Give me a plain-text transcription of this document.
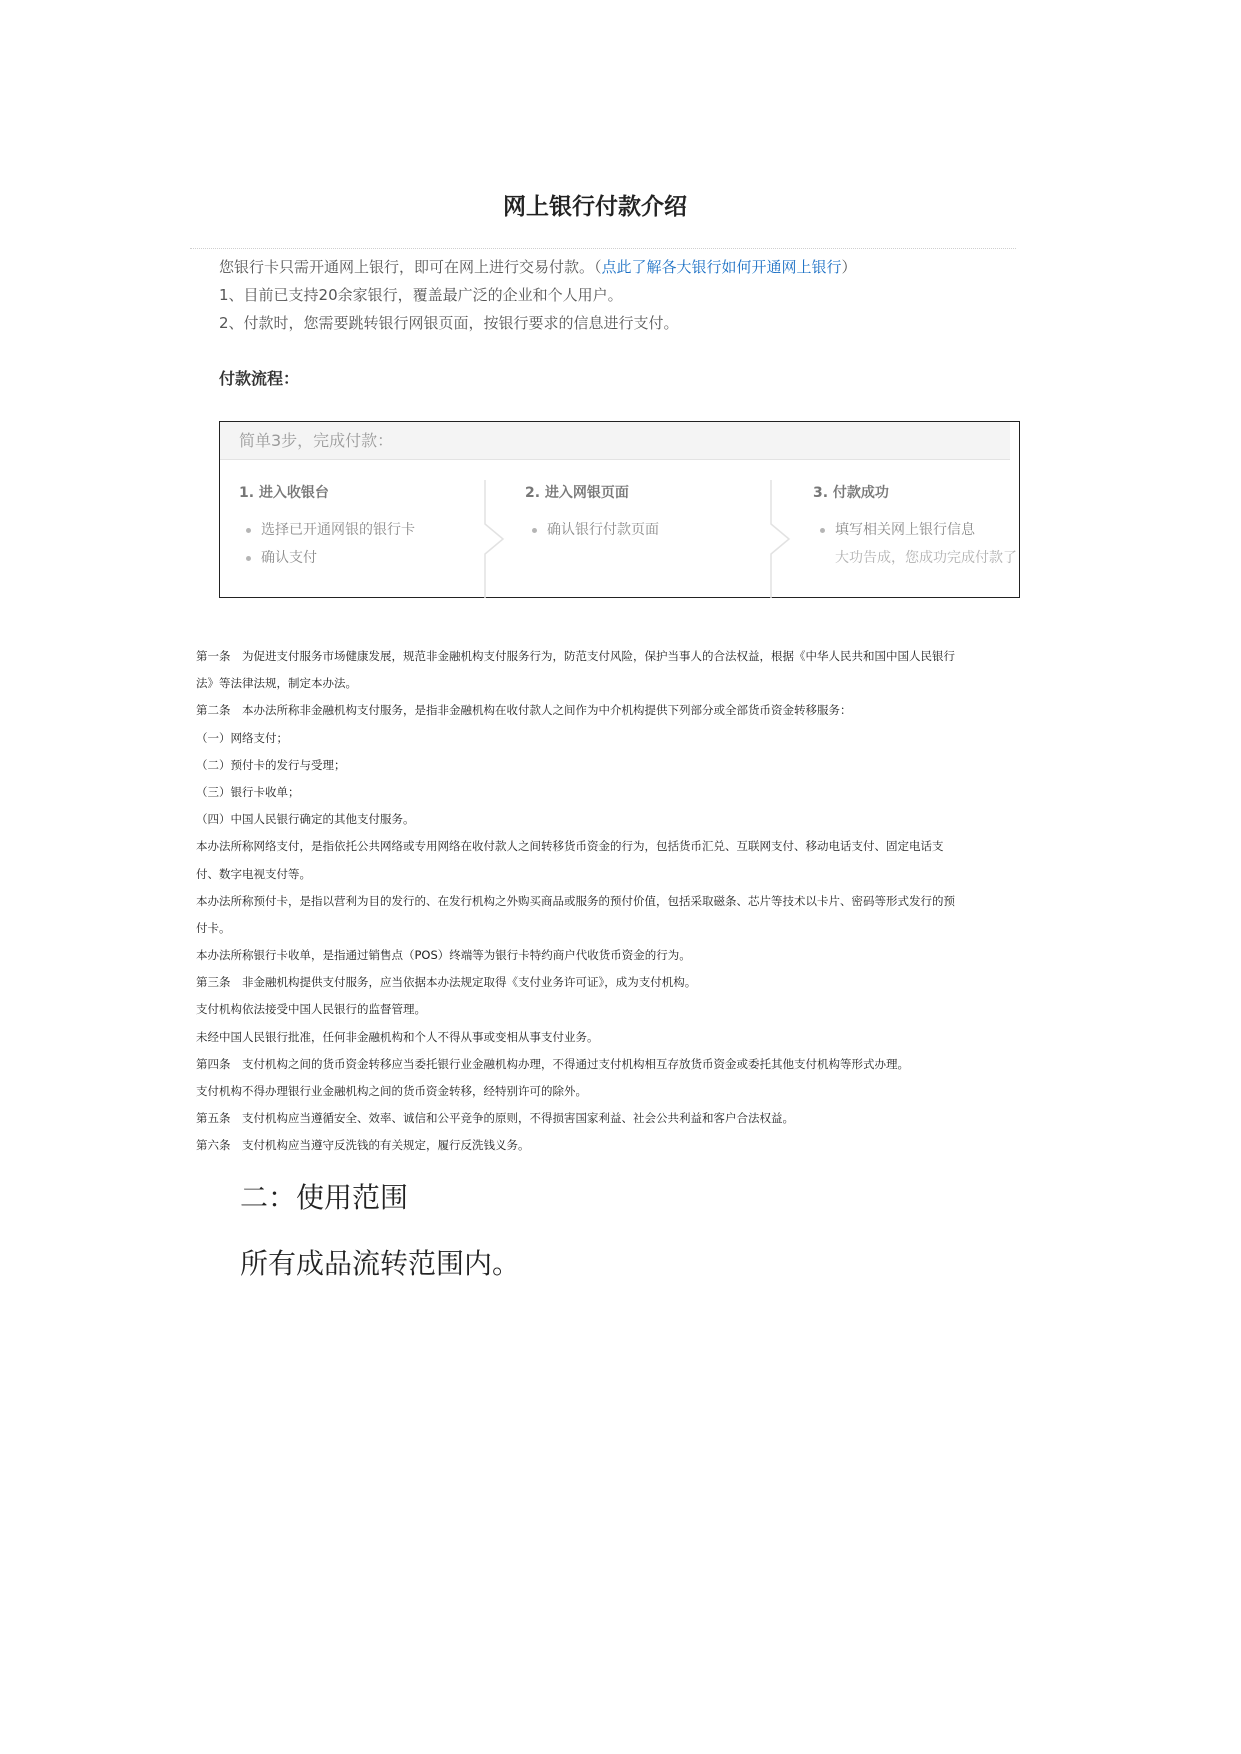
网上银行付款介绍
您银行卡只需开通网上银行，即可在网上进行交易付款。（点此了解各大银行如何开通网上银行）
1、目前已支持20余家银行，覆盖最广泛的企业和个人用户。
2、付款时，您需要跳转银行网银页面，按银行要求的信息进行支付。
付款流程：
简单3步，完成付款：
1. 进入收银台
选择已开通网银的银行卡
确认支付
2. 进入网银页面
确认银行付款页面
3. 付款成功
填写相关网上银行信息
大功告成，您成功完成付款了
第一条　为促进支付服务市场健康发展，规范非金融机构支付服务行为，防范支付风险，保护当事人的合法权益，根据《中华人民共和国中国人民银行
法》等法律法规，制定本办法。
第二条　本办法所称非金融机构支付服务，是指非金融机构在收付款人之间作为中介机构提供下列部分或全部货币资金转移服务：
（一）网络支付；
（二）预付卡的发行与受理；
（三）银行卡收单；
（四）中国人民银行确定的其他支付服务。
本办法所称网络支付，是指依托公共网络或专用网络在收付款人之间转移货币资金的行为，包括货币汇兑、互联网支付、移动电话支付、固定电话支
付、数字电视支付等。
本办法所称预付卡，是指以营利为目的发行的、在发行机构之外购买商品或服务的预付价值，包括采取磁条、芯片等技术以卡片、密码等形式发行的预
付卡。
本办法所称银行卡收单，是指通过销售点（POS）终端等为银行卡特约商户代收货币资金的行为。
第三条　非金融机构提供支付服务，应当依据本办法规定取得《支付业务许可证》，成为支付机构。
支付机构依法接受中国人民银行的监督管理。
未经中国人民银行批准，任何非金融机构和个人不得从事或变相从事支付业务。
第四条　支付机构之间的货币资金转移应当委托银行业金融机构办理，不得通过支付机构相互存放货币资金或委托其他支付机构等形式办理。
支付机构不得办理银行业金融机构之间的货币资金转移，经特别许可的除外。
第五条　支付机构应当遵循安全、效率、诚信和公平竞争的原则，不得损害国家利益、社会公共利益和客户合法权益。
第六条　支付机构应当遵守反洗钱的有关规定，履行反洗钱义务。
二：使用范围
所有成品流转范围内。
